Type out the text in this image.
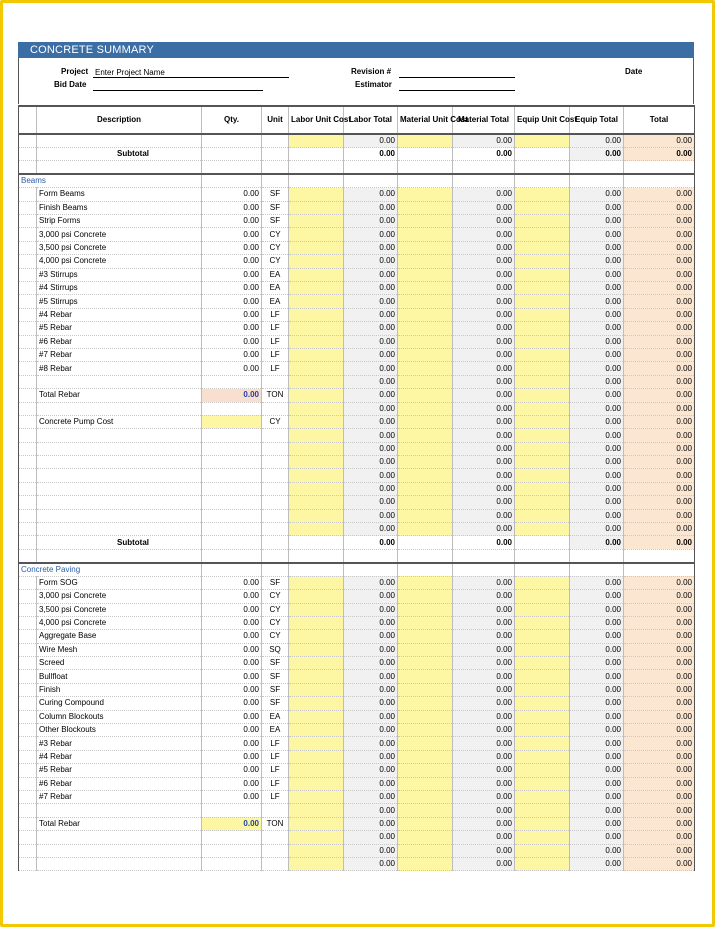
CONCRETE SUMMARY
Project Enter Project Name
Bid Date
Revision #
Estimator
Date
	Description	Qty.	Unit	Labor Unit Cost	Labor Total	Material Unit Cost	Material Total	Equip Unit Cost	Equip Total	Total
					0.00		0.00		0.00	0.00
	Subtotal				0.00		0.00		0.00	0.00

Beams										
	Form Beams	0.00	SF		0.00		0.00		0.00	0.00
	Finish Beams	0.00	SF		0.00		0.00		0.00	0.00
	Strip Forms	0.00	SF		0.00		0.00		0.00	0.00
	3,000 psi Concrete	0.00	CY		0.00		0.00		0.00	0.00
	3,500 psi Concrete	0.00	CY		0.00		0.00		0.00	0.00
	4,000 psi Concrete	0.00	CY		0.00		0.00		0.00	0.00
	#3 Stirrups	0.00	EA		0.00		0.00		0.00	0.00
	#4 Stirrups	0.00	EA		0.00		0.00		0.00	0.00
	#5 Stirrups	0.00	EA		0.00		0.00		0.00	0.00
	#4 Rebar	0.00	LF		0.00		0.00		0.00	0.00
	#5 Rebar	0.00	LF		0.00		0.00		0.00	0.00
	#6 Rebar	0.00	LF		0.00		0.00		0.00	0.00
	#7 Rebar	0.00	LF		0.00		0.00		0.00	0.00
	#8 Rebar	0.00	LF		0.00		0.00		0.00	0.00
					0.00		0.00		0.00	0.00
	Total Rebar	0.00	TON		0.00		0.00		0.00	0.00
					0.00		0.00		0.00	0.00
	Concrete Pump Cost		CY		0.00		0.00		0.00	0.00
					0.00		0.00		0.00	0.00
					0.00		0.00		0.00	0.00
					0.00		0.00		0.00	0.00
					0.00		0.00		0.00	0.00
					0.00		0.00		0.00	0.00
					0.00		0.00		0.00	0.00
					0.00		0.00		0.00	0.00
					0.00		0.00		0.00	0.00
	Subtotal				0.00		0.00		0.00	0.00

Concrete Paving										
	Form SOG	0.00	SF		0.00		0.00		0.00	0.00
	3,000 psi Concrete	0.00	CY		0.00		0.00		0.00	0.00
	3,500 psi Concrete	0.00	CY		0.00		0.00		0.00	0.00
	4,000 psi Concrete	0.00	CY		0.00		0.00		0.00	0.00
	Aggregate Base	0.00	CY		0.00		0.00		0.00	0.00
	Wire Mesh	0.00	SQ		0.00		0.00		0.00	0.00
	Screed	0.00	SF		0.00		0.00		0.00	0.00
	Bullfloat	0.00	SF		0.00		0.00		0.00	0.00
	Finish	0.00	SF		0.00		0.00		0.00	0.00
	Curing Compound	0.00	SF		0.00		0.00		0.00	0.00
	Column Blockouts	0.00	EA		0.00		0.00		0.00	0.00
	Other Blockouts	0.00	EA		0.00		0.00		0.00	0.00
	#3 Rebar	0.00	LF		0.00		0.00		0.00	0.00
	#4 Rebar	0.00	LF		0.00		0.00		0.00	0.00
	#5 Rebar	0.00	LF		0.00		0.00		0.00	0.00
	#6 Rebar	0.00	LF		0.00		0.00		0.00	0.00
	#7 Rebar	0.00	LF		0.00		0.00		0.00	0.00
					0.00		0.00		0.00	0.00
	Total Rebar	0.00	TON		0.00		0.00		0.00	0.00
					0.00		0.00		0.00	0.00
					0.00		0.00		0.00	0.00
					0.00		0.00		0.00	0.00
